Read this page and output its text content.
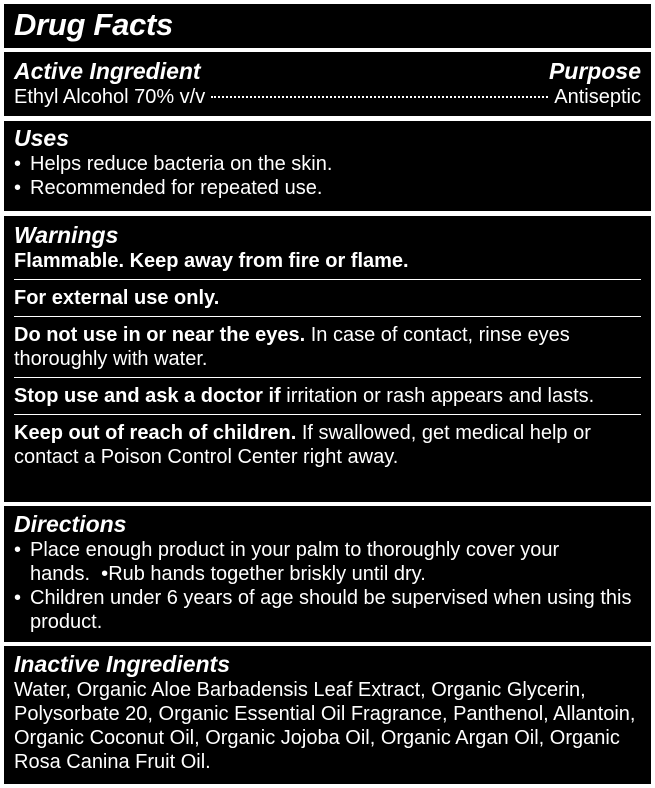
Drug Facts
Active Ingredient	Purpose
Ethyl Alcohol 70% v/v	Antiseptic
Uses
• Helps reduce bacteria on the skin.
• Recommended for repeated use.
Warnings

Flammable. Keep away from fire or flame.

For external use only.

Do not use in or near the eyes. In case of contact, rinse eyes thoroughly with water.

Stop use and ask a doctor if irritation or rash appears and lasts.

Keep out of reach of children. If swallowed, get medical help or contact a Poison Control Center right away.

Directions
• Place enough product in your palm to thoroughly cover your hands.  •Rub hands together briskly until dry.
• Children under 6 years of age should be supervised when using this product.
Inactive Ingredients

Water, Organic Aloe Barbadensis Leaf Extract, Organic Glycerin, Polysorbate 20, Organic Essential Oil Fragrance, Panthenol, Allantoin, Organic Coconut Oil, Organic Jojoba Oil, Organic Argan Oil, Organic Rosa Canina Fruit Oil.
